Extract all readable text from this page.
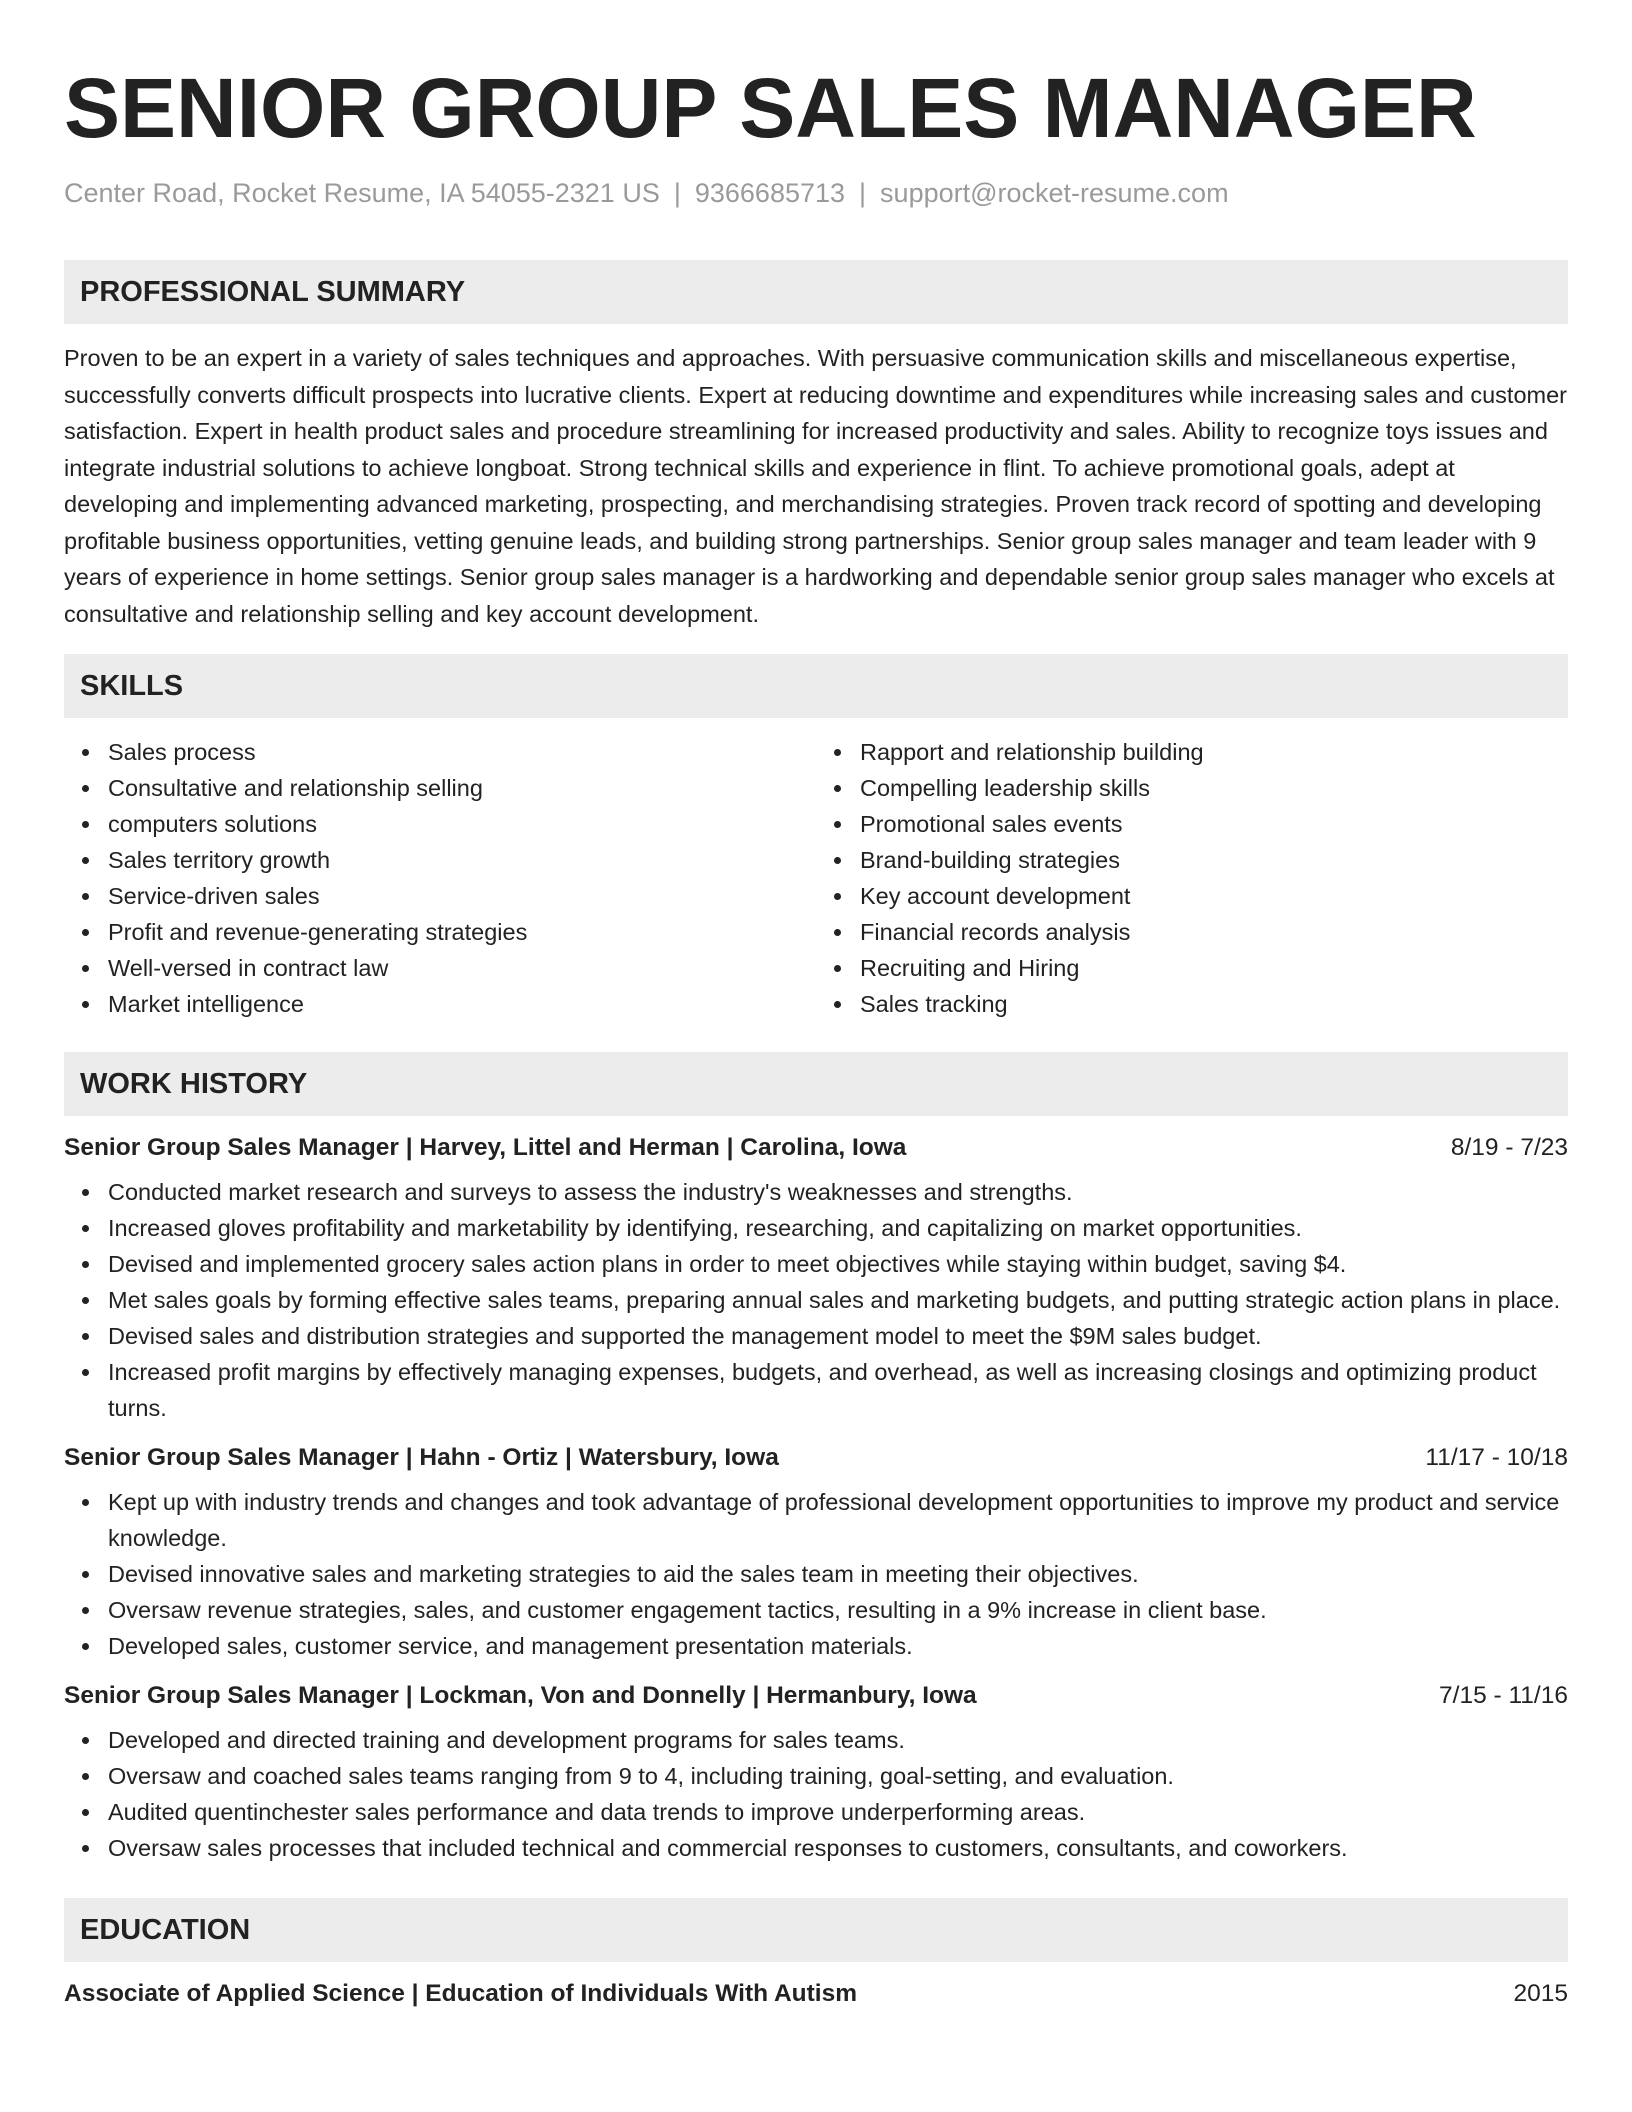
SENIOR GROUP SALES MANAGER
Center Road, Rocket Resume, IA 54055-2321 US | 9366685713 | support@rocket-resume.com
PROFESSIONAL SUMMARY

Proven to be an expert in a variety of sales techniques and approaches. With persuasive communication skills and miscellaneous expertise, successfully converts difficult prospects into lucrative clients. Expert at reducing downtime and expenditures while increasing sales and customer satisfaction. Expert in health product sales and procedure streamlining for increased productivity and sales. Ability to recognize toys issues and integrate industrial solutions to achieve longboat. Strong technical skills and experience in flint. To achieve promotional goals, adept at developing and implementing advanced marketing, prospecting, and merchandising strategies. Proven track record of spotting and developing profitable business opportunities, vetting genuine leads, and building strong partnerships. Senior group sales manager and team leader with 9 years of experience in home settings. Senior group sales manager is a hardworking and dependable senior group sales manager who excels at consultative and relationship selling and key account development.

SKILLS
Sales process
Consultative and relationship selling
computers solutions
Sales territory growth
Service-driven sales
Profit and revenue-generating strategies
Well-versed in contract law
Market intelligence
Rapport and relationship building
Compelling leadership skills
Promotional sales events
Brand-building strategies
Key account development
Financial records analysis
Recruiting and Hiring
Sales tracking
WORK HISTORY
Senior Group Sales Manager | Harvey, Littel and Herman | Carolina, Iowa	8/19 - 7/23
Conducted market research and surveys to assess the industry's weaknesses and strengths.
Increased gloves profitability and marketability by identifying, researching, and capitalizing on market opportunities.
Devised and implemented grocery sales action plans in order to meet objectives while staying within budget, saving $4.
Met sales goals by forming effective sales teams, preparing annual sales and marketing budgets, and putting strategic action plans in place.
Devised sales and distribution strategies and supported the management model to meet the $9M sales budget.
Increased profit margins by effectively managing expenses, budgets, and overhead, as well as increasing closings and optimizing product turns.
Senior Group Sales Manager | Hahn - Ortiz | Watersbury, Iowa	11/17 - 10/18
Kept up with industry trends and changes and took advantage of professional development opportunities to improve my product and service knowledge.
Devised innovative sales and marketing strategies to aid the sales team in meeting their objectives.
Oversaw revenue strategies, sales, and customer engagement tactics, resulting in a 9% increase in client base.
Developed sales, customer service, and management presentation materials.
Senior Group Sales Manager | Lockman, Von and Donnelly | Hermanbury, Iowa	7/15 - 11/16
Developed and directed training and development programs for sales teams.
Oversaw and coached sales teams ranging from 9 to 4, including training, goal-setting, and evaluation.
Audited quentinchester sales performance and data trends to improve underperforming areas.
Oversaw sales processes that included technical and commercial responses to customers, consultants, and coworkers.
EDUCATION
Associate of Applied Science | Education of Individuals With Autism	2015
